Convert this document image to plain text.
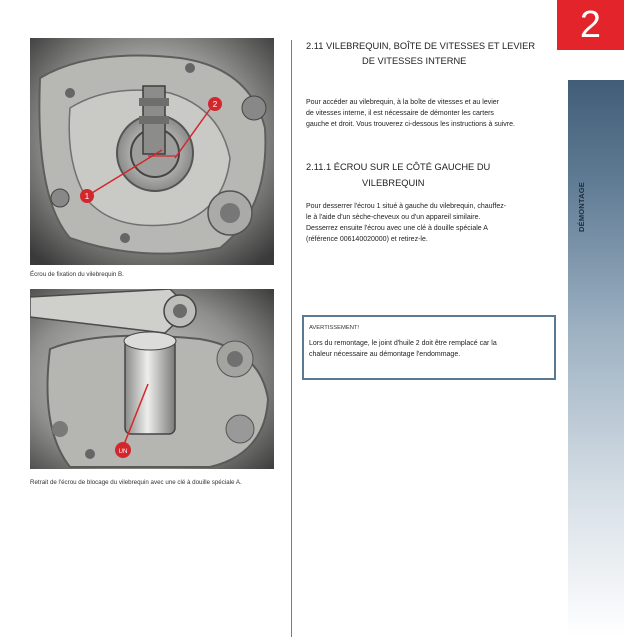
2
DÉMONTAGE
1
2
Écrou de fixation du vilebrequin B.
UN
Retrait de l'écrou de blocage du vilebrequin avec une clé à douille spéciale A.
2.11 VILEBREQUIN, BOÎTE DE VITESSES ET LEVIER
DE VITESSES INTERNE
Pour accéder au vilebrequin, à la boîte de vitesses et au levier
de vitesses interne, il est nécessaire de démonter les carters
gauche et droit. Vous trouverez ci-dessous les instructions à suivre.
2.11.1 ÉCROU SUR LE CÔTÉ GAUCHE DU
VILEBREQUIN
Pour desserrer l'écrou 1 situé à gauche du vilebrequin, chauffez-
le à l'aide d'un sèche-cheveux ou d'un appareil similaire.
Desserrez ensuite l'écrou avec une clé à douille spéciale A
(référence 006140020000) et retirez-le.
AVERTISSEMENT!
Lors du remontage, le joint d'huile 2 doit être remplacé car la
chaleur nécessaire au démontage l'endommage.
